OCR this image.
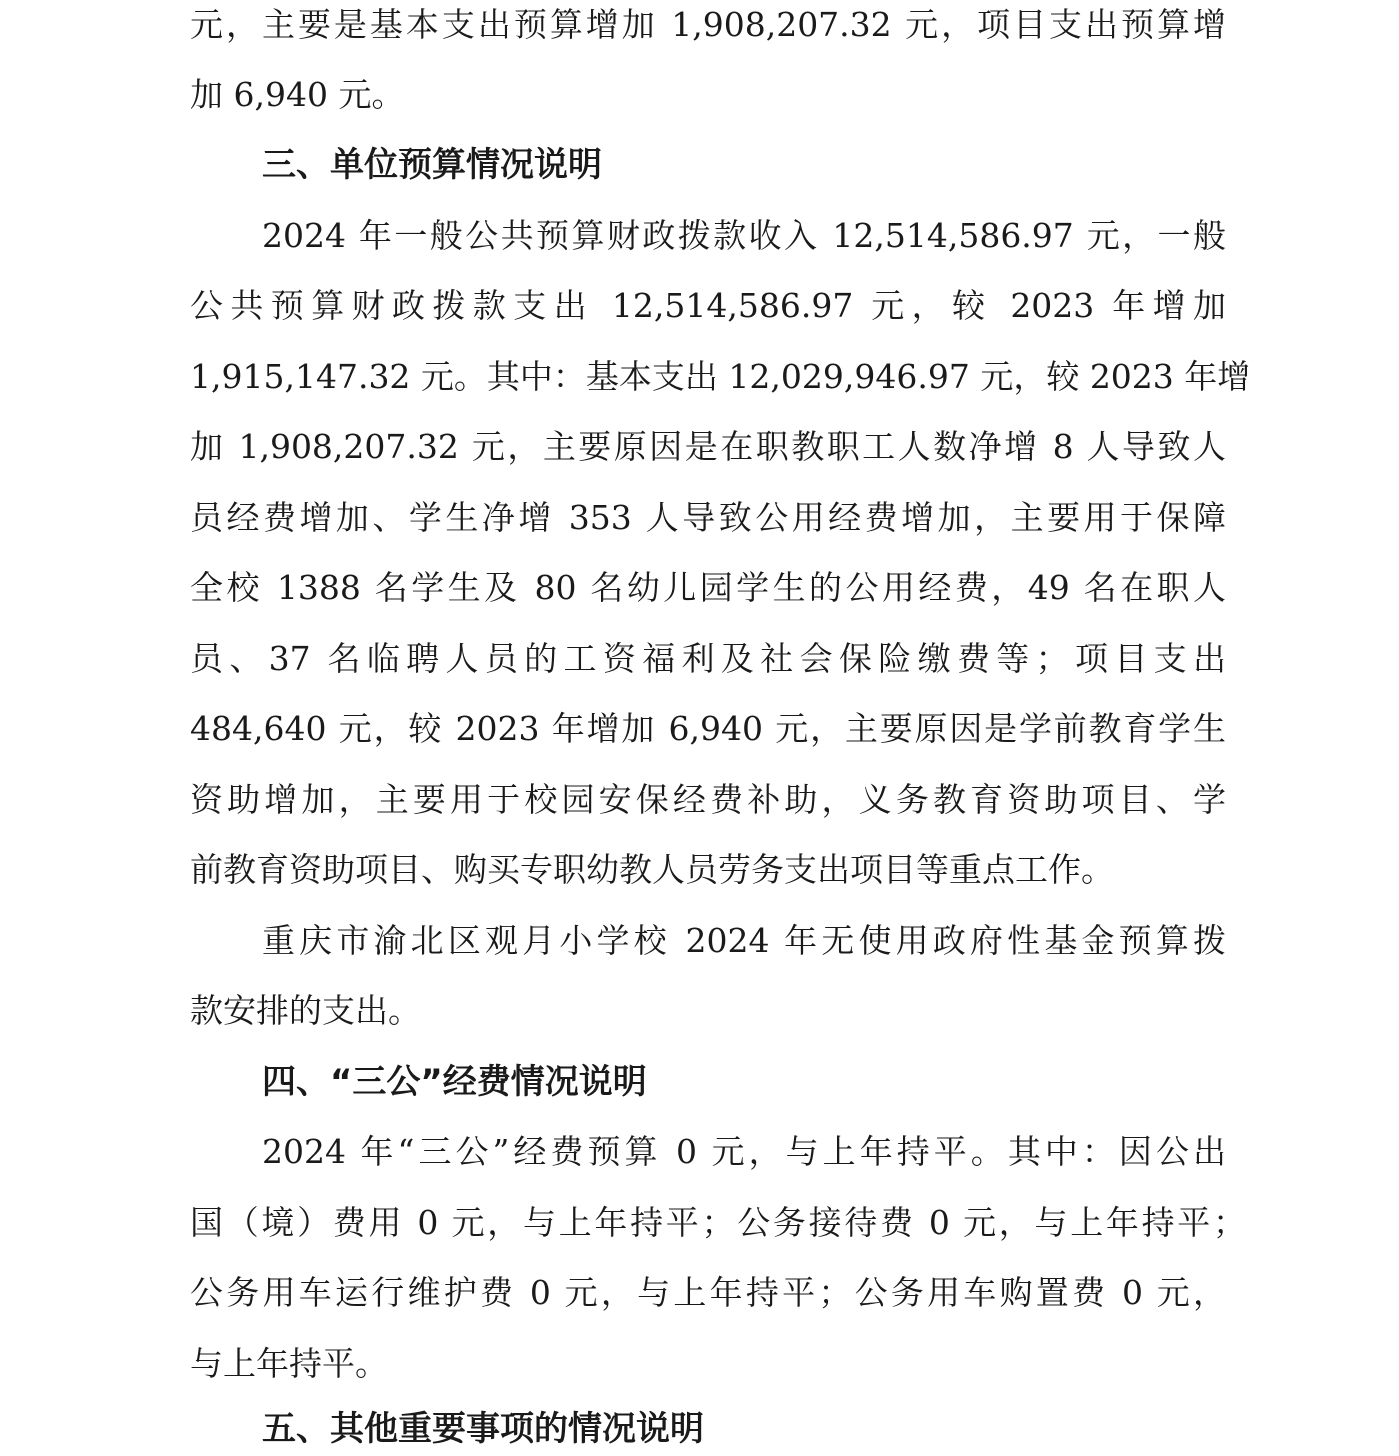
元，主要是基本支出预算增加 1,908,207.32 元，项目支出预算增
加 6,940 元。
三、单位预算情况说明
2024 年一般公共预算财政拨款收入 12,514,586.97 元，一般
公共预算财政拨款支出 12,514,586.97 元，较 2023 年增加
1,915,147.32 元。其中：基本支出 12,029,946.97 元，较 2023 年增
加 1,908,207.32 元，主要原因是在职教职工人数净增 8 人导致人
员经费增加、学生净增 353 人导致公用经费增加，主要用于保障
全校 1388 名学生及 80 名幼儿园学生的公用经费，49 名在职人
员、37 名临聘人员的工资福利及社会保险缴费等；项目支出
484,640 元，较 2023 年增加 6,940 元，主要原因是学前教育学生
资助增加，主要用于校园安保经费补助，义务教育资助项目、学
前教育资助项目、购买专职幼教人员劳务支出项目等重点工作。
重庆市渝北区观月小学校 2024 年无使用政府性基金预算拨
款安排的支出。
四、“三公”经费情况说明
2024 年“三公”经费预算 0 元，与上年持平。其中：因公出
国（境）费用 0 元，与上年持平；公务接待费 0 元，与上年持平；
公务用车运行维护费 0 元，与上年持平；公务用车购置费 0 元，
与上年持平。
五、其他重要事项的情况说明
